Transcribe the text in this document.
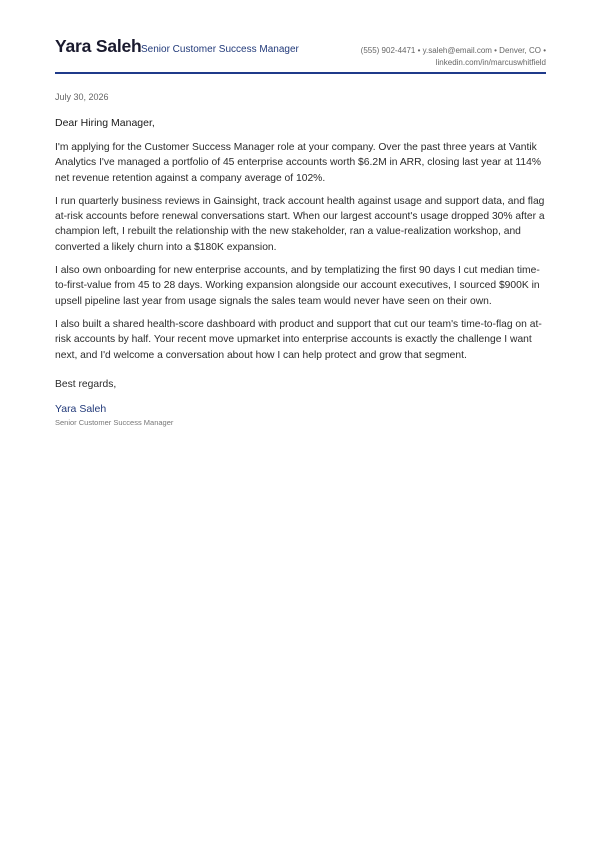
Yara Saleh Senior Customer Success Manager	(555) 902-4471 • y.saleh@email.com • Denver, CO •
linkedin.com/in/marcuswhitfield
July 30, 2026
Dear Hiring Manager,

I'm applying for the Customer Success Manager role at your company. Over the past three years at Vantik Analytics I've managed a portfolio of 45 enterprise accounts worth $6.2M in ARR, closing last year at 114% net revenue retention against a company average of 102%.

I run quarterly business reviews in Gainsight, track account health against usage and support data, and flag at-risk accounts before renewal conversations start. When our largest account's usage dropped 30% after a champion left, I rebuilt the relationship with the new stakeholder, ran a value-realization workshop, and converted a likely churn into a $180K expansion.

I also own onboarding for new enterprise accounts, and by templatizing the first 90 days I cut median time-to-first-value from 45 to 28 days. Working expansion alongside our account executives, I sourced $900K in upsell pipeline last year from usage signals the sales team would never have seen on their own.

I also built a shared health-score dashboard with product and support that cut our team's time-to-flag on at-risk accounts by half. Your recent move upmarket into enterprise accounts is exactly the challenge I want next, and I'd welcome a conversation about how I can help protect and grow that segment.

Best regards,
Yara Saleh
Senior Customer Success Manager
